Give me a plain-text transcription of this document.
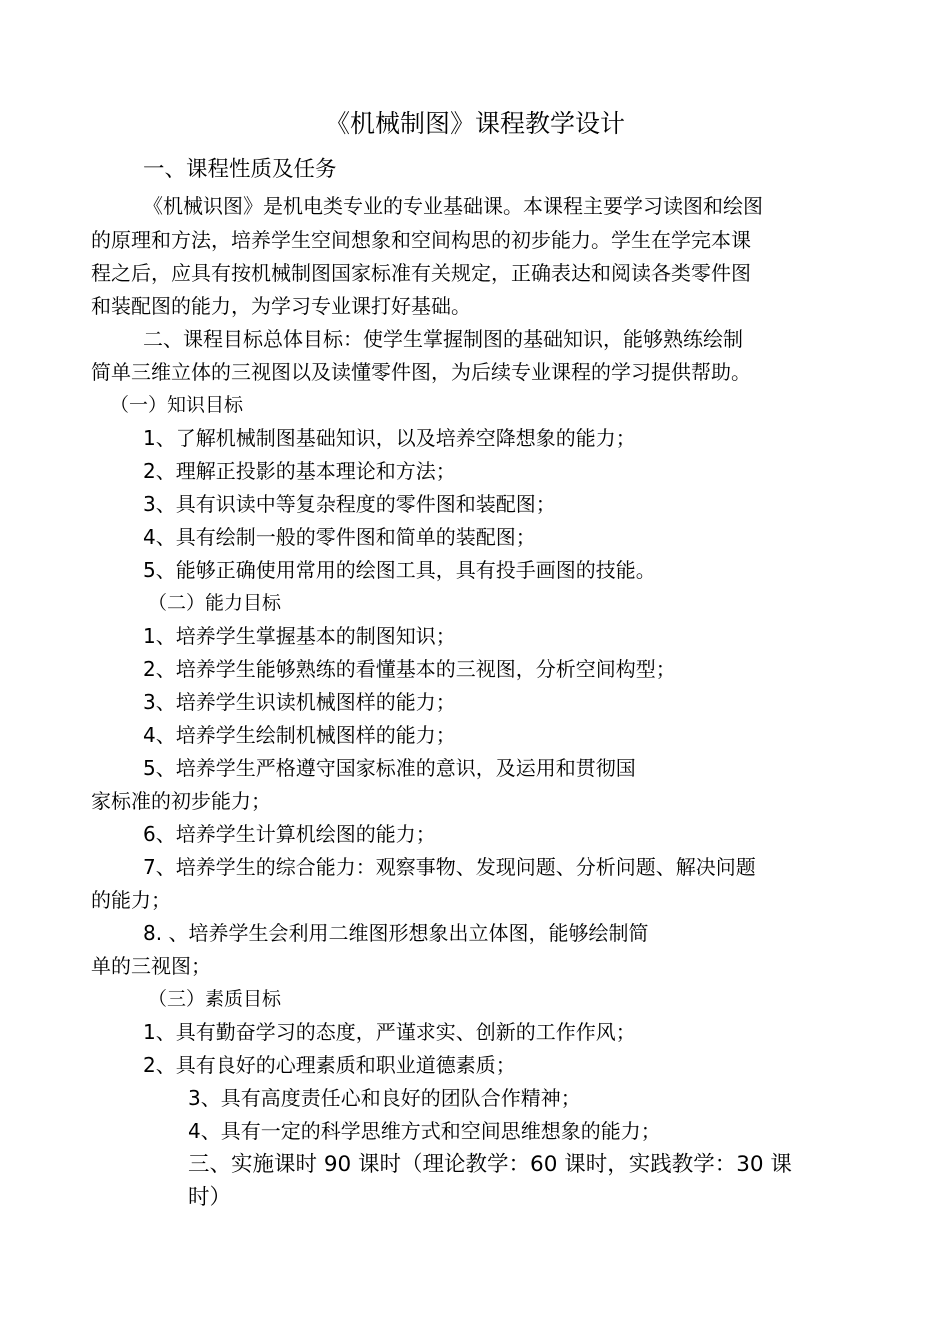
《机械制图》课程教学设计
一、课程性质及任务
《机械识图》是机电类专业的专业基础课。本课程主要学习读图和绘图
的原理和方法，培养学生空间想象和空间构思的初步能力。学生在学完本课
程之后，应具有按机械制图国家标准有关规定，正确表达和阅读各类零件图
和装配图的能力，为学习专业课打好基础。
二、课程目标总体目标：使学生掌握制图的基础知识，能够熟练绘制
简单三维立体的三视图以及读懂零件图，为后续专业课程的学习提供帮助。
（一）知识目标
1、了解机械制图基础知识，以及培养空降想象的能力；
2、理解正投影的基本理论和方法；
3、具有识读中等复杂程度的零件图和装配图；
4、具有绘制一般的零件图和简单的装配图；
5、能够正确使用常用的绘图工具，具有投手画图的技能。
（二）能力目标
1、培养学生掌握基本的制图知识；
2、培养学生能够熟练的看懂基本的三视图，分析空间构型；
3、培养学生识读机械图样的能力；
4、培养学生绘制机械图样的能力；
5、培养学生严格遵守国家标准的意识，及运用和贯彻国
家标准的初步能力；
6、培养学生计算机绘图的能力；
7、培养学生的综合能力：观察事物、发现问题、分析问题、解决问题
的能力；
8. 、培养学生会利用二维图形想象出立体图，能够绘制简
单的三视图；
（三）素质目标
1、具有勤奋学习的态度，严谨求实、创新的工作作风；
2、具有良好的心理素质和职业道德素质；
3、具有高度责任心和良好的团队合作精神；
4、具有一定的科学思维方式和空间思维想象的能力；
三、实施课时 90 课时（理论教学：60 课时，实践教学：30 课
时）
